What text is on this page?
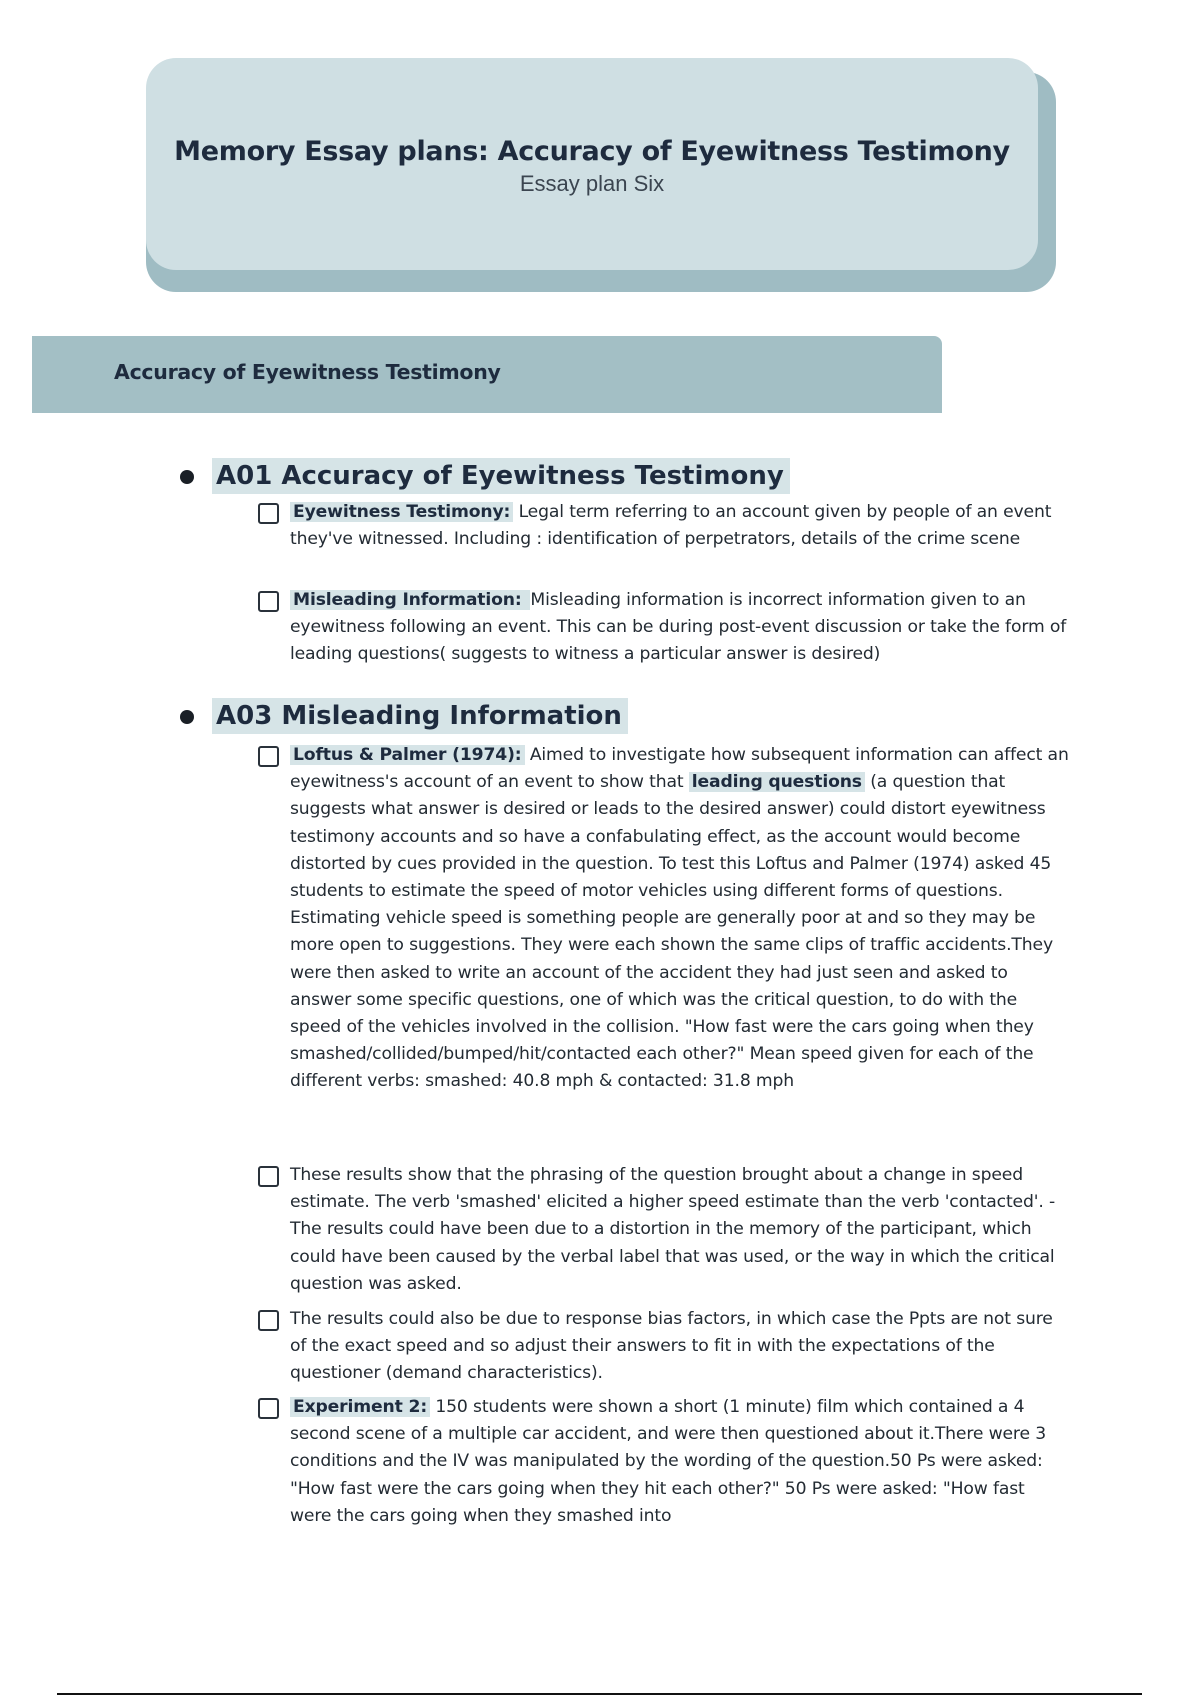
Memory Essay plans: Accuracy of Eyewitness Testimony
Essay plan Six
Accuracy of Eyewitness Testimony
A01 Accuracy of Eyewitness Testimony
Eyewitness Testimony: Legal term referring to an account given by people of an event they've witnessed. Including : identification of perpetrators, details of the crime scene
Misleading Information: Misleading information is incorrect information given to an eyewitness following an event. This can be during post-event discussion or take the form of leading questions( suggests to witness a particular answer is desired)
A03 Misleading Information
Loftus & Palmer (1974): Aimed to investigate how subsequent information can affect an eyewitness's account of an event to show that leading questions (a question that suggests what answer is desired or leads to the desired answer) could distort eyewitness testimony accounts and so have a confabulating effect, as the account would become distorted by cues provided in the question. To test this Loftus and Palmer (1974) asked 45 students to estimate the speed of motor vehicles using different forms of questions. Estimating vehicle speed is something people are generally poor at and so they may be more open to suggestions. They were each shown the same clips of traffic accidents.They were then asked to write an account of the accident they had just seen and asked to answer some specific questions, one of which was the critical question, to do with the speed of the vehicles involved in the collision. "How fast were the cars going when they smashed/collided/bumped/hit/contacted each other?" Mean speed given for each of the different verbs: smashed: 40.8 mph & contacted: 31.8 mph
These results show that the phrasing of the question brought about a change in speed estimate. The verb 'smashed' elicited a higher speed estimate than the verb 'contacted'. - The results could have been due to a distortion in the memory of the participant, which could have been caused by the verbal label that was used, or the way in which the critical question was asked.
The results could also be due to response bias factors, in which case the Ppts are not sure of the exact speed and so adjust their answers to fit in with the expectations of the questioner (demand characteristics).
Experiment 2: 150 students were shown a short (1 minute) film which contained a 4 second scene of a multiple car accident, and were then questioned about it.There were 3 conditions and the IV was manipulated by the wording of the question.50 Ps were asked: "How fast were the cars going when they hit each other?" 50 Ps were asked: "How fast were the cars going when they smashed into
